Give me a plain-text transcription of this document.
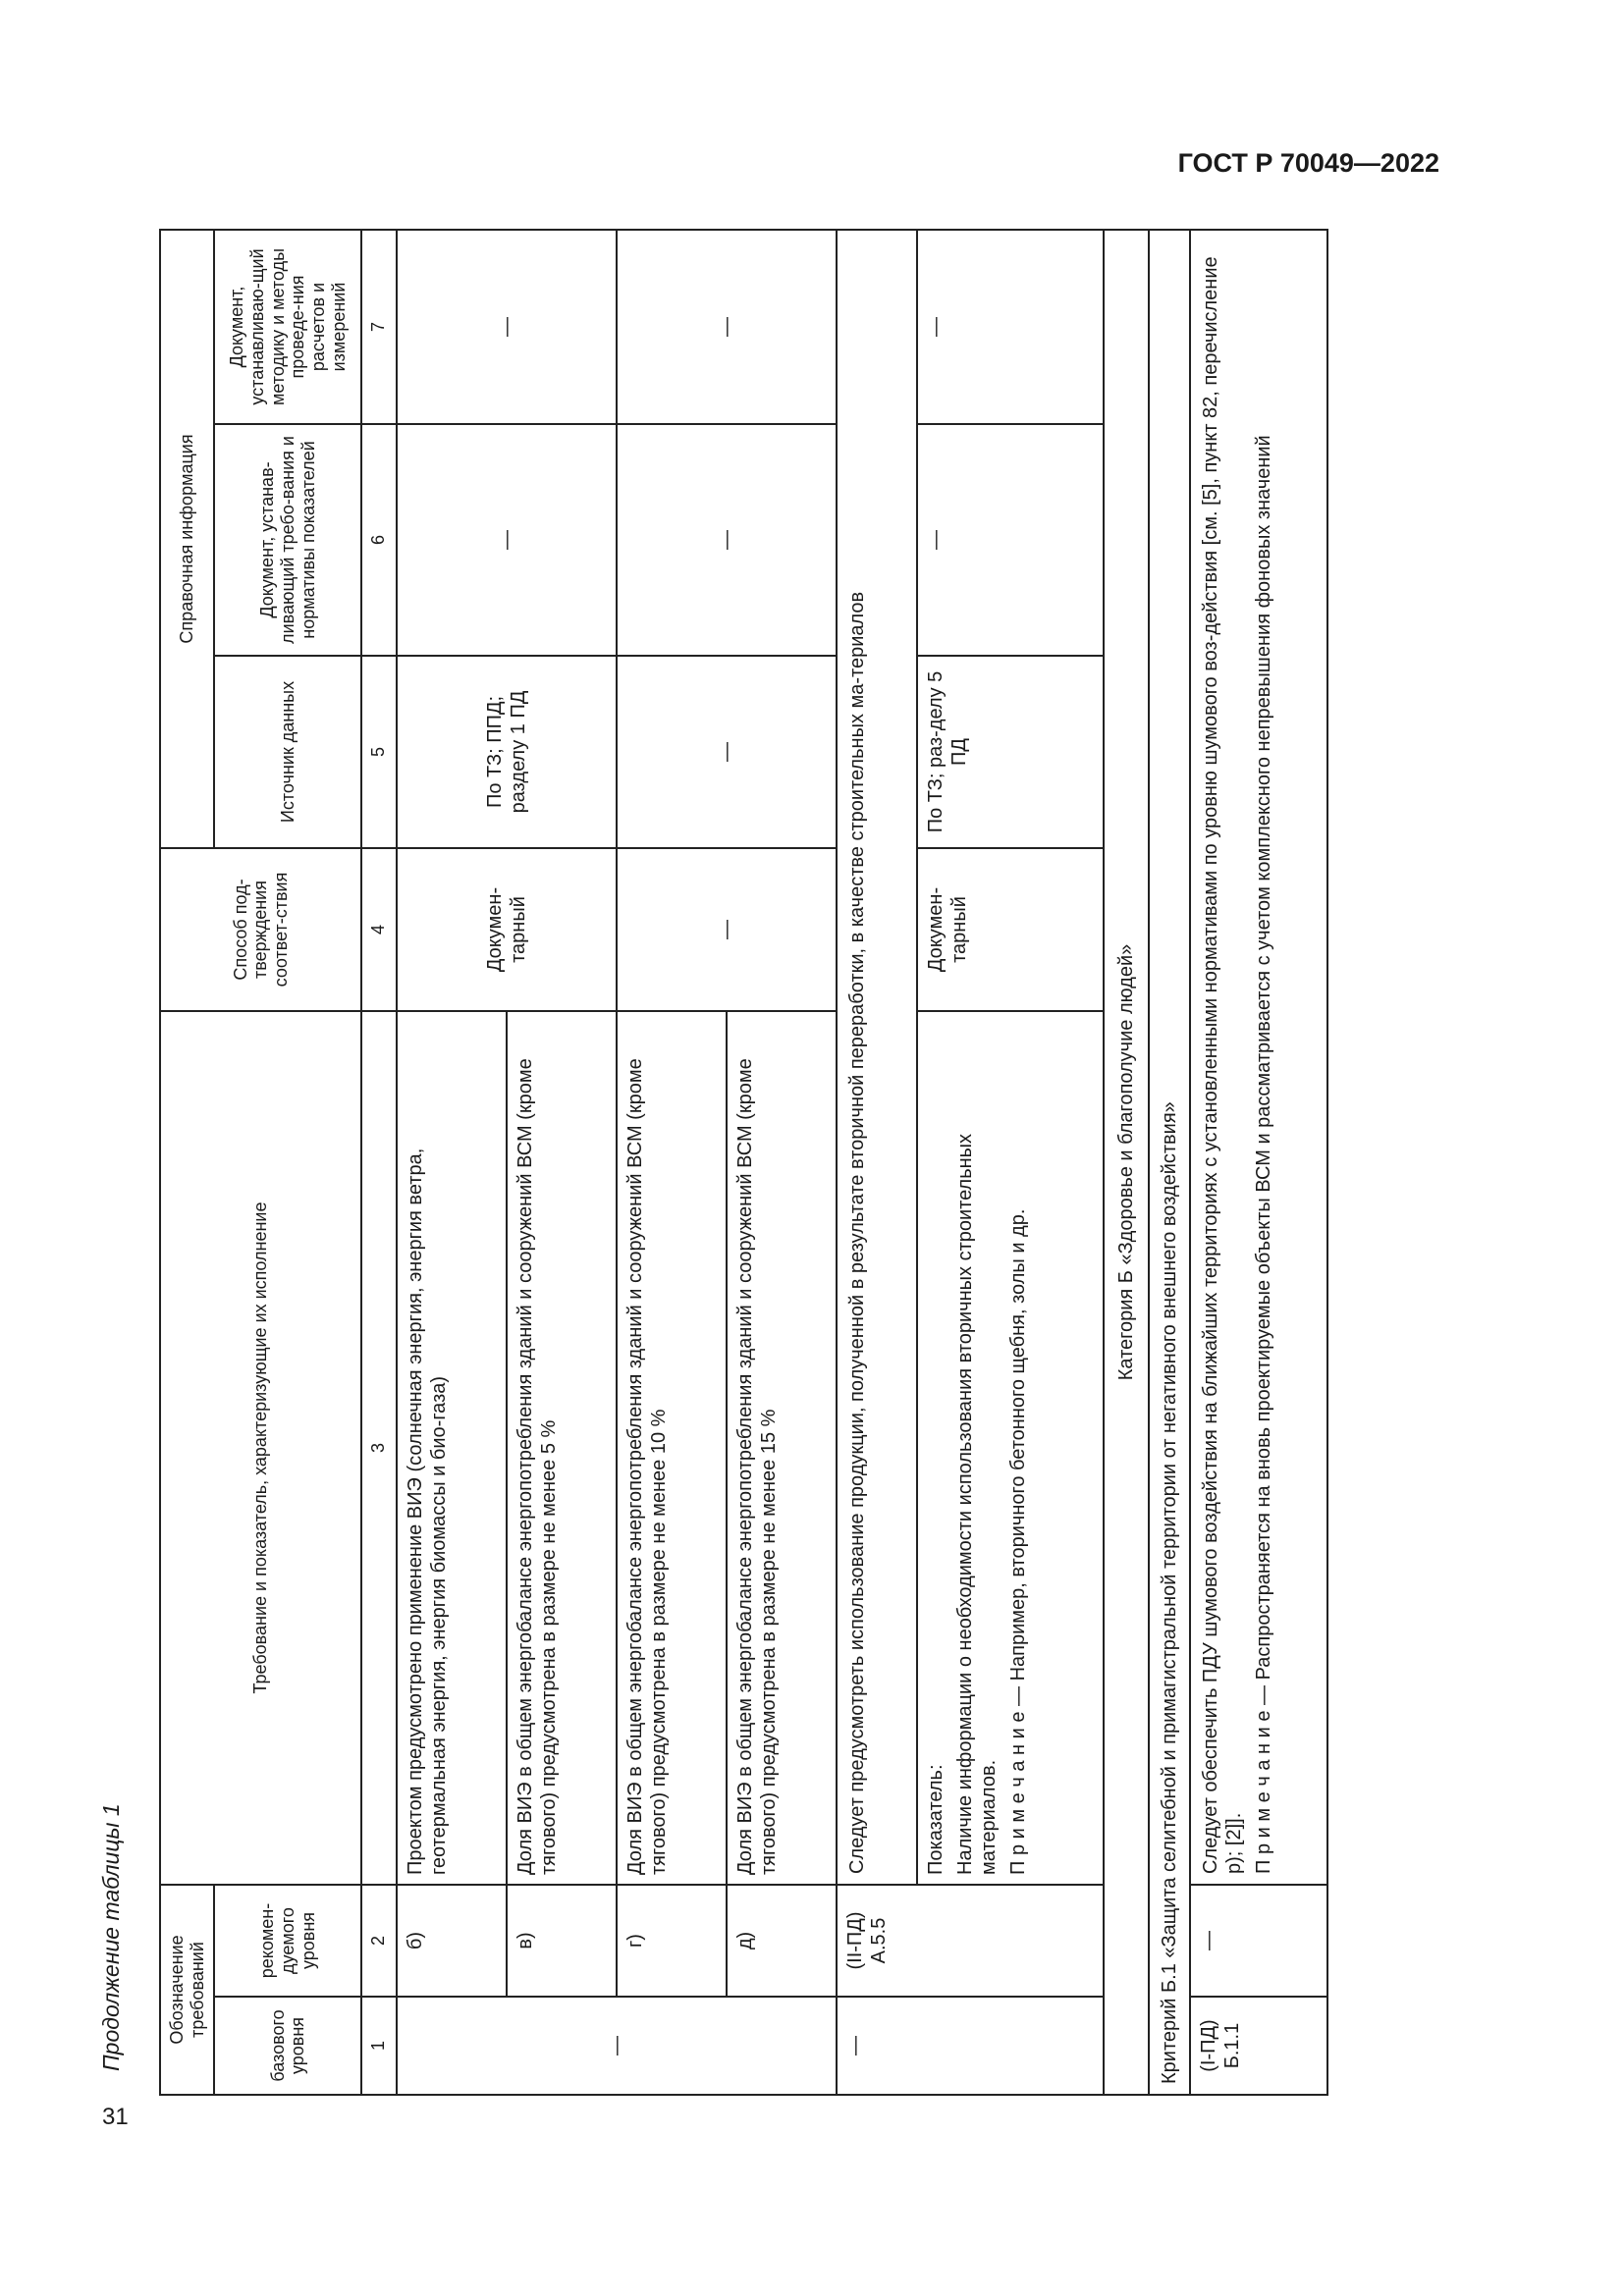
ГОСТ Р 70049—2022
31
Продолжение таблицы 1 Обозначение требований		Требование и показатель, характеризующие их исполнение	Способ под-тверждения соответ-ствия	Справочная информация		
базового уровня	рекомен-дуемого уровня			Источник данных	Документ, устанав-ливающий требо-вания и нормативы показателей	Документ, устанавливаю-щий методику и методы проведе-ния расчетов и измерений
1	2	3	4	5	6	7
—	б)	Проектом предусмотрено применение ВИЭ (солнечная энергия, энергия ветра, геотермальная энергия, энергия биомассы и био-газа)	Докумен-тарный	По ТЗ; ППД; разделу 1 ПД	—	—
	в)	Доля ВИЭ в общем энергобалансе энергопотребления зданий и сооружений ВСМ (кроме тягового) предусмотрена в размере не менее 5 %				
	г)	Доля ВИЭ в общем энергобалансе энергопотребления зданий и сооружений ВСМ (кроме тягового) предусмотрена в размере не менее 10 %	—	—	—	—
	д)	Доля ВИЭ в общем энергобалансе энергопотребления зданий и сооружений ВСМ (кроме тягового) предусмотрена в размере не менее 15 %				
—	(II-ПД) А.5.5	Следует предусмотреть использование продукции, полученной в результате вторичной переработки, в качестве строительных ма-териалов				

		Показатель: Наличие информации о необходимости использования вторичных строительных материалов. П р и м е ч а н и е — Например, вторичного бетонного щебня, золы и др.	Докумен-тарный	По ТЗ; раз-делу 5 ПД	—	—
Категория Б «Здоровье и благополучие людей»						
Критерий Б.1 «Защита селитебной и примагистральной территории от негативного внешнего воздействия»						
(I-ПД) Б.1.1	—	Следует обеспечить ПДУ шумового воздействия на ближайших территориях с установленными нормативами по уровню шумового воз-действия [см. [5], пункт 82, перечисление р); [2]]. П р и м е ч а н и е — Распространяется на вновь проектируемые объекты ВСМ и рассматривается с учетом комплексного непревышения фоновых значений				
